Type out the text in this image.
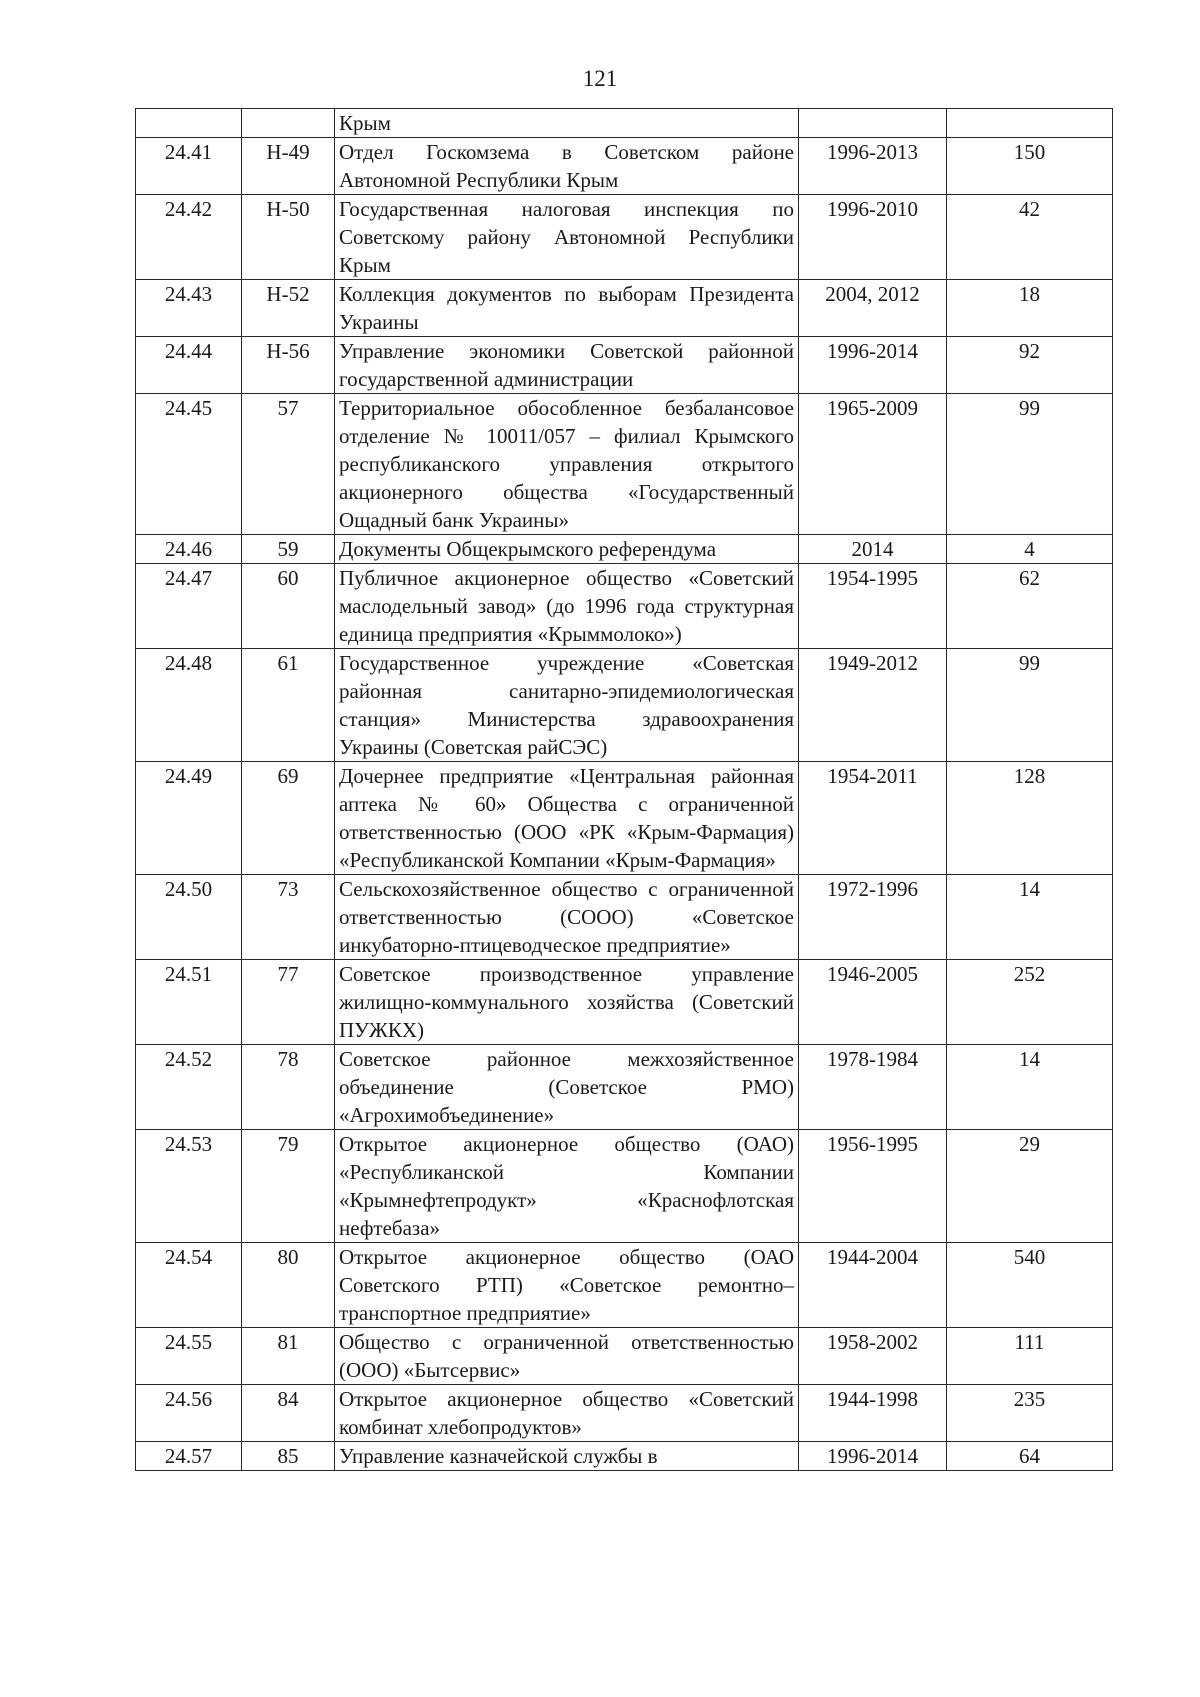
121
		Крым		
24.41	Н-49	Отдел Госкомзема в Советском районе Автономной Республики Крым	1996-2013	150
24.42	Н-50	Государственная налоговая инспекция по Советскому району Автономной Республики Крым	1996-2010	42
24.43	Н-52	Коллекция документов по выборам Президента Украины	2004, 2012	18
24.44	Н-56	Управление экономики Советской районной государственной администрации	1996-2014	92
24.45	57	Территориальное обособленное безбалансовое отделение № 10011/057 – филиал Крымского республиканского управления открытого акционерного общества «Государственный Ощадный банк Украины»	1965-2009	99
24.46	59	Документы Общекрымского референдума	2014	4
24.47	60	Публичное акционерное общество «Советский маслодельный завод» (до 1996 года структурная единица предприятия «Крыммолоко»)	1954-1995	62
24.48	61	Государственное учреждение «Советская районная санитарно-эпидемиологическая станция» Министерства здравоохранения Украины (Советская райСЭС)	1949-2012	99
24.49	69	Дочернее предприятие «Центральная районная аптека № 60» Общества с ограниченной ответственностью (ООО «РК «Крым-Фармация) «Республиканской Компании «Крым-Фармация»	1954-2011	128
24.50	73	Сельскохозяйственное общество с ограниченной ответственностью (СООО) «Советское инкубаторно-птицеводческое предприятие»	1972-1996	14
24.51	77	Советское производственное управление жилищно-коммунального хозяйства (Советский ПУЖКХ)	1946-2005	252
24.52	78	Советское районное межхозяйственное объединение (Советское РМО) «Агрохимобъединение»	1978-1984	14
24.53	79	Открытое акционерное общество (ОАО) «Республиканской Компании «Крымнефтепродукт» «Краснофлотская нефтебаза»	1956-1995	29
24.54	80	Открытое акционерное общество (ОАО Советского РТП) «Советское ремонтно–транспортное предприятие»	1944-2004	540
24.55	81	Общество с ограниченной ответственностью (ООО) «Бытсервис»	1958-2002	111
24.56	84	Открытое акционерное общество «Советский комбинат хлебопродуктов»	1944-1998	235
24.57	85	Управление казначейской службы в	1996-2014	64
